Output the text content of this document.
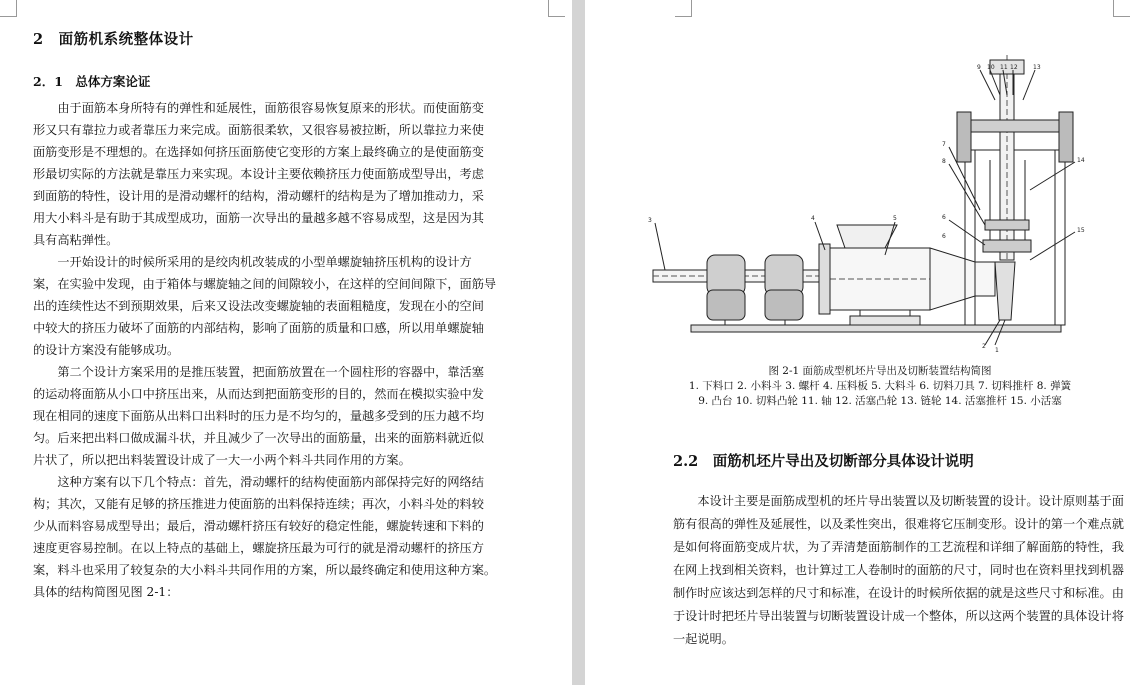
2　面筋机系统整体设计
2．1　总体方案论证
　　由于面筋本身所特有的弹性和延展性，面筋很容易恢复原来的形状。而使面筋变
形又只有靠拉力或者靠压力来完成。面筋很柔软，又很容易被拉断，所以靠拉力来使
面筋变形是不理想的。在选择如何挤压面筋使它变形的方案上最终确立的是使面筋变
形最切实际的方法就是靠压力来实现。本设计主要依赖挤压力使面筋成型导出，考虑
到面筋的特性，设计用的是滑动螺杆的结构，滑动螺杆的结构是为了增加推动力，采
用大小料斗是有助于其成型成功，面筋一次导出的量越多越不容易成型，这是因为其
具有高粘弹性。
　　一开始设计的时候所采用的是绞肉机改装成的小型单螺旋轴挤压机构的设计方
案，在实验中发现，由于箱体与螺旋轴之间的间隙较小，在这样的空间间隙下，面筋导
出的连续性达不到预期效果，后来又设法改变螺旋轴的表面粗糙度，发现在小的空间
中较大的挤压力破坏了面筋的内部结构，影响了面筋的质量和口感，所以用单螺旋轴
的设计方案没有能够成功。
　　第二个设计方案采用的是推压装置，把面筋放置在一个圆柱形的容器中，靠活塞
的运动将面筋从小口中挤压出来，从而达到把面筋变形的目的，然而在模拟实验中发
现在相同的速度下面筋从出料口出料时的压力是不均匀的，量越多受到的压力越不均
匀。后来把出料口做成漏斗状，并且减少了一次导出的面筋量，出来的面筋料就近似
片状了，所以把出料装置设计成了一大一小两个料斗共同作用的方案。
　　这种方案有以下几个特点：首先，滑动螺杆的结构使面筋内部保持完好的网络结
构；其次，又能有足够的挤压推进力使面筋的出料保持连续；再次，小料斗处的料较
少从而料容易成型导出；最后，滑动螺杆挤压有较好的稳定性能，螺旋转速和下料的
速度更容易控制。在以上特点的基础上，螺旋挤压最为可行的就是滑动螺杆的挤压方
案，料斗也采用了较复杂的大小料斗共同作用的方案，所以最终确定和使用这种方案。
具体的结构简图见图 2-1：
3	4	5
7
8
9 10 11 12	13
14
15
1
2
6
6
图 2-1 面筋成型机坯片导出及切断装置结构简图
1. 下料口 2. 小料斗 3. 螺杆 4. 压料板 5. 大料斗 6. 切料刀具 7. 切料推杆 8. 弹簧
9. 凸台 10. 切料凸轮 11. 轴 12. 活塞凸轮 13. 链轮 14. 活塞推杆 15. 小活塞
2.2　面筋机坯片导出及切断部分具体设计说明
　　本设计主要是面筋成型机的坯片导出装置以及切断装置的设计。设计原则基于面
筋有很高的弹性及延展性，以及柔性突出，很难将它压制变形。设计的第一个难点就
是如何将面筋变成片状，为了弄清楚面筋制作的工艺流程和详细了解面筋的特性，我
在网上找到相关资料，也计算过工人卷制时的面筋的尺寸，同时也在资料里找到机器
制作时应该达到怎样的尺寸和标准，在设计的时候所依据的就是这些尺寸和标准。由
于设计时把坯片导出装置与切断装置设计成一个整体，所以这两个装置的具体设计将
一起说明。
